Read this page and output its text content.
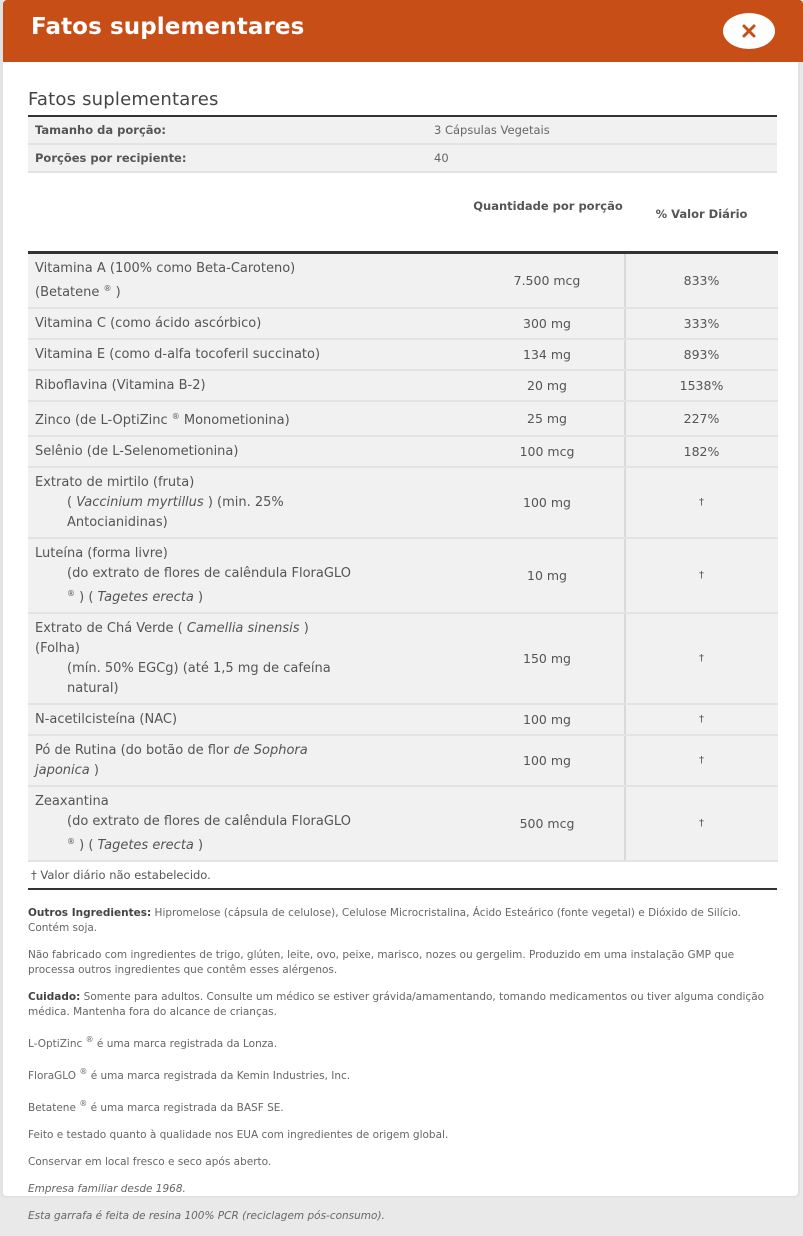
Fatos suplementares
Fatos suplementares
Tamanho da porção:	3 Cápsulas Vegetais
Porções por recipiente:	40
Quantidade por porção
% Valor Diário
Vitamina A (100% como Beta-Caroteno)
(Betatene ® )
7.500 mcg	833%
Vitamina C (como ácido ascórbico)	300 mg	333%
Vitamina E (como d-alfa tocoferil succinato)	134 mg	893%
Riboflavina (Vitamina B-2)	20 mg	1538%
Zinco (de L-OptiZinc ® Monometionina)	25 mg	227%
Selênio (de L-Selenometionina)	100 mcg	182%
Extrato de mirtilo (fruta)
( Vaccinium myrtillus ) (min. 25%
Antocianidinas)
100 mg	†
Luteína (forma livre)
(do extrato de flores de calêndula FloraGLO
® ) ( Tagetes erecta )
10 mg	†
Extrato de Chá Verde ( Camellia sinensis )
(Folha)
(mín. 50% EGCg) (até 1,5 mg de cafeína
natural)
150 mg	†
N-acetilcisteína (NAC)	100 mg	†
Pó de Rutina (do botão de flor de Sophora
japonica )
100 mg	†
Zeaxantina
(do extrato de flores de calêndula FloraGLO
® ) ( Tagetes erecta )
500 mcg	†
† Valor diário não estabelecido.

Outros Ingredientes: Hipromelose (cápsula de celulose), Celulose Microcristalina, Ácido Esteárico (fonte vegetal) e Dióxido de Silício. Contém soja.

Não fabricado com ingredientes de trigo, glúten, leite, ovo, peixe, marisco, nozes ou gergelim. Produzido em uma instalação GMP que processa outros ingredientes que contêm esses alérgenos.

Cuidado: Somente para adultos. Consulte um médico se estiver grávida/amamentando, tomando medicamentos ou tiver alguma condição médica. Mantenha fora do alcance de crianças.

L-OptiZinc ® é uma marca registrada da Lonza.

FloraGLO ® é uma marca registrada da Kemin Industries, Inc.

Betatene ® é uma marca registrada da BASF SE.

Feito e testado quanto à qualidade nos EUA com ingredientes de origem global.

Conservar em local fresco e seco após aberto.

Empresa familiar desde 1968.

Esta garrafa é feita de resina 100% PCR (reciclagem pós-consumo).
